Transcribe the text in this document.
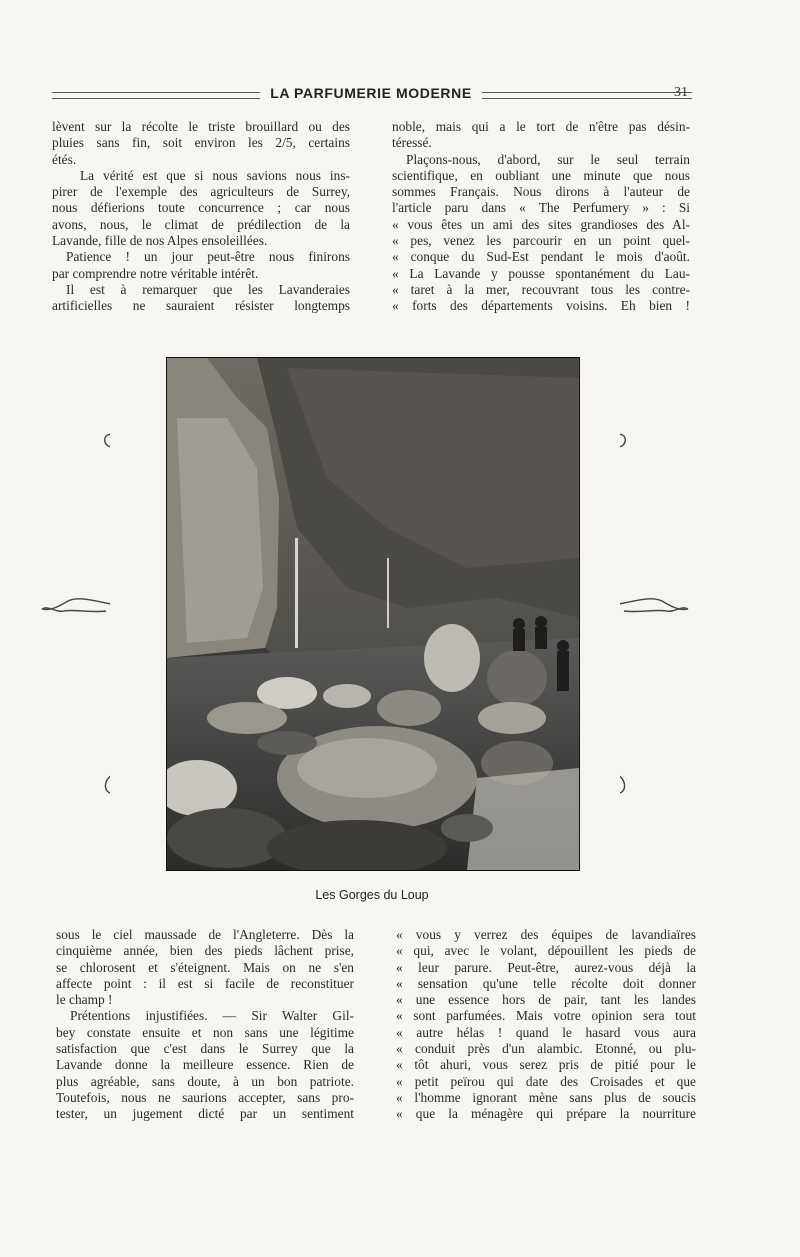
LA PARFUMERIE MODERNE	31

lèvent sur la récolte le triste brouillard ou des
pluies sans fin, soit environ les 2/5, certains
étés.
La vérité est que si nous savions nous ins-
pirer de l'exemple des agriculteurs de Surrey,
nous défierions toute concurrence ; car nous
avons, nous, le climat de prédilection de la
Lavande, fille de nos Alpes ensoleillées.
Patience ! un jour peut-être nous finirons
par comprendre notre véritable intérêt.
Il est à remarquer que les Lavanderaies
artificielles ne sauraient résister longtemps

noble, mais qui a le tort de n'être pas désin-
téressé.
Plaçons-nous, d'abord, sur le seul terrain
scientifique, en oubliant une minute que nous
sommes Français. Nous dirons à l'auteur de
l'article paru dans « The Perfumery » : Si
« vous êtes un ami des sites grandioses des Al-
« pes, venez les parcourir en un point quel-
« conque du Sud-Est pendant le mois d'août.
« La Lavande y pousse spontanément du Lau-
« taret à la mer, recouvrant tous les contre-
« forts des départements voisins. Eh bien !

Les Gorges du Loup

sous le ciel maussade de l'Angleterre. Dès la
cinquième année, bien des pieds lâchent prise,
se chlorosent et s'éteignent. Mais on ne s'en
affecte point : il est si facile de reconstituer
le champ !
Prétentions injustifiées. — Sir Walter Gil-
bey constate ensuite et non sans une légitime
satisfaction que c'est dans le Surrey que la
Lavande donne la meilleure essence. Rien de
plus agréable, sans doute, à un bon patriote.
Toutefois, nous ne saurions accepter, sans pro-
tester, un jugement dicté par un sentiment

« vous y verrez des équipes de lavandiaïres
« qui, avec le volant, dépouillent les pieds de
« leur parure. Peut-être, aurez-vous déjà la
« sensation qu'une telle récolte doit donner
« une essence hors de pair, tant les landes
« sont parfumées. Mais votre opinion sera tout
« autre hélas ! quand le hasard vous aura
« conduit près d'un alambic. Etonné, ou plu-
« tôt ahuri, vous serez pris de pitié pour le
« petit peïrou qui date des Croisades et que
« l'homme ignorant mène sans plus de soucis
« que la ménagère qui prépare la nourriture
